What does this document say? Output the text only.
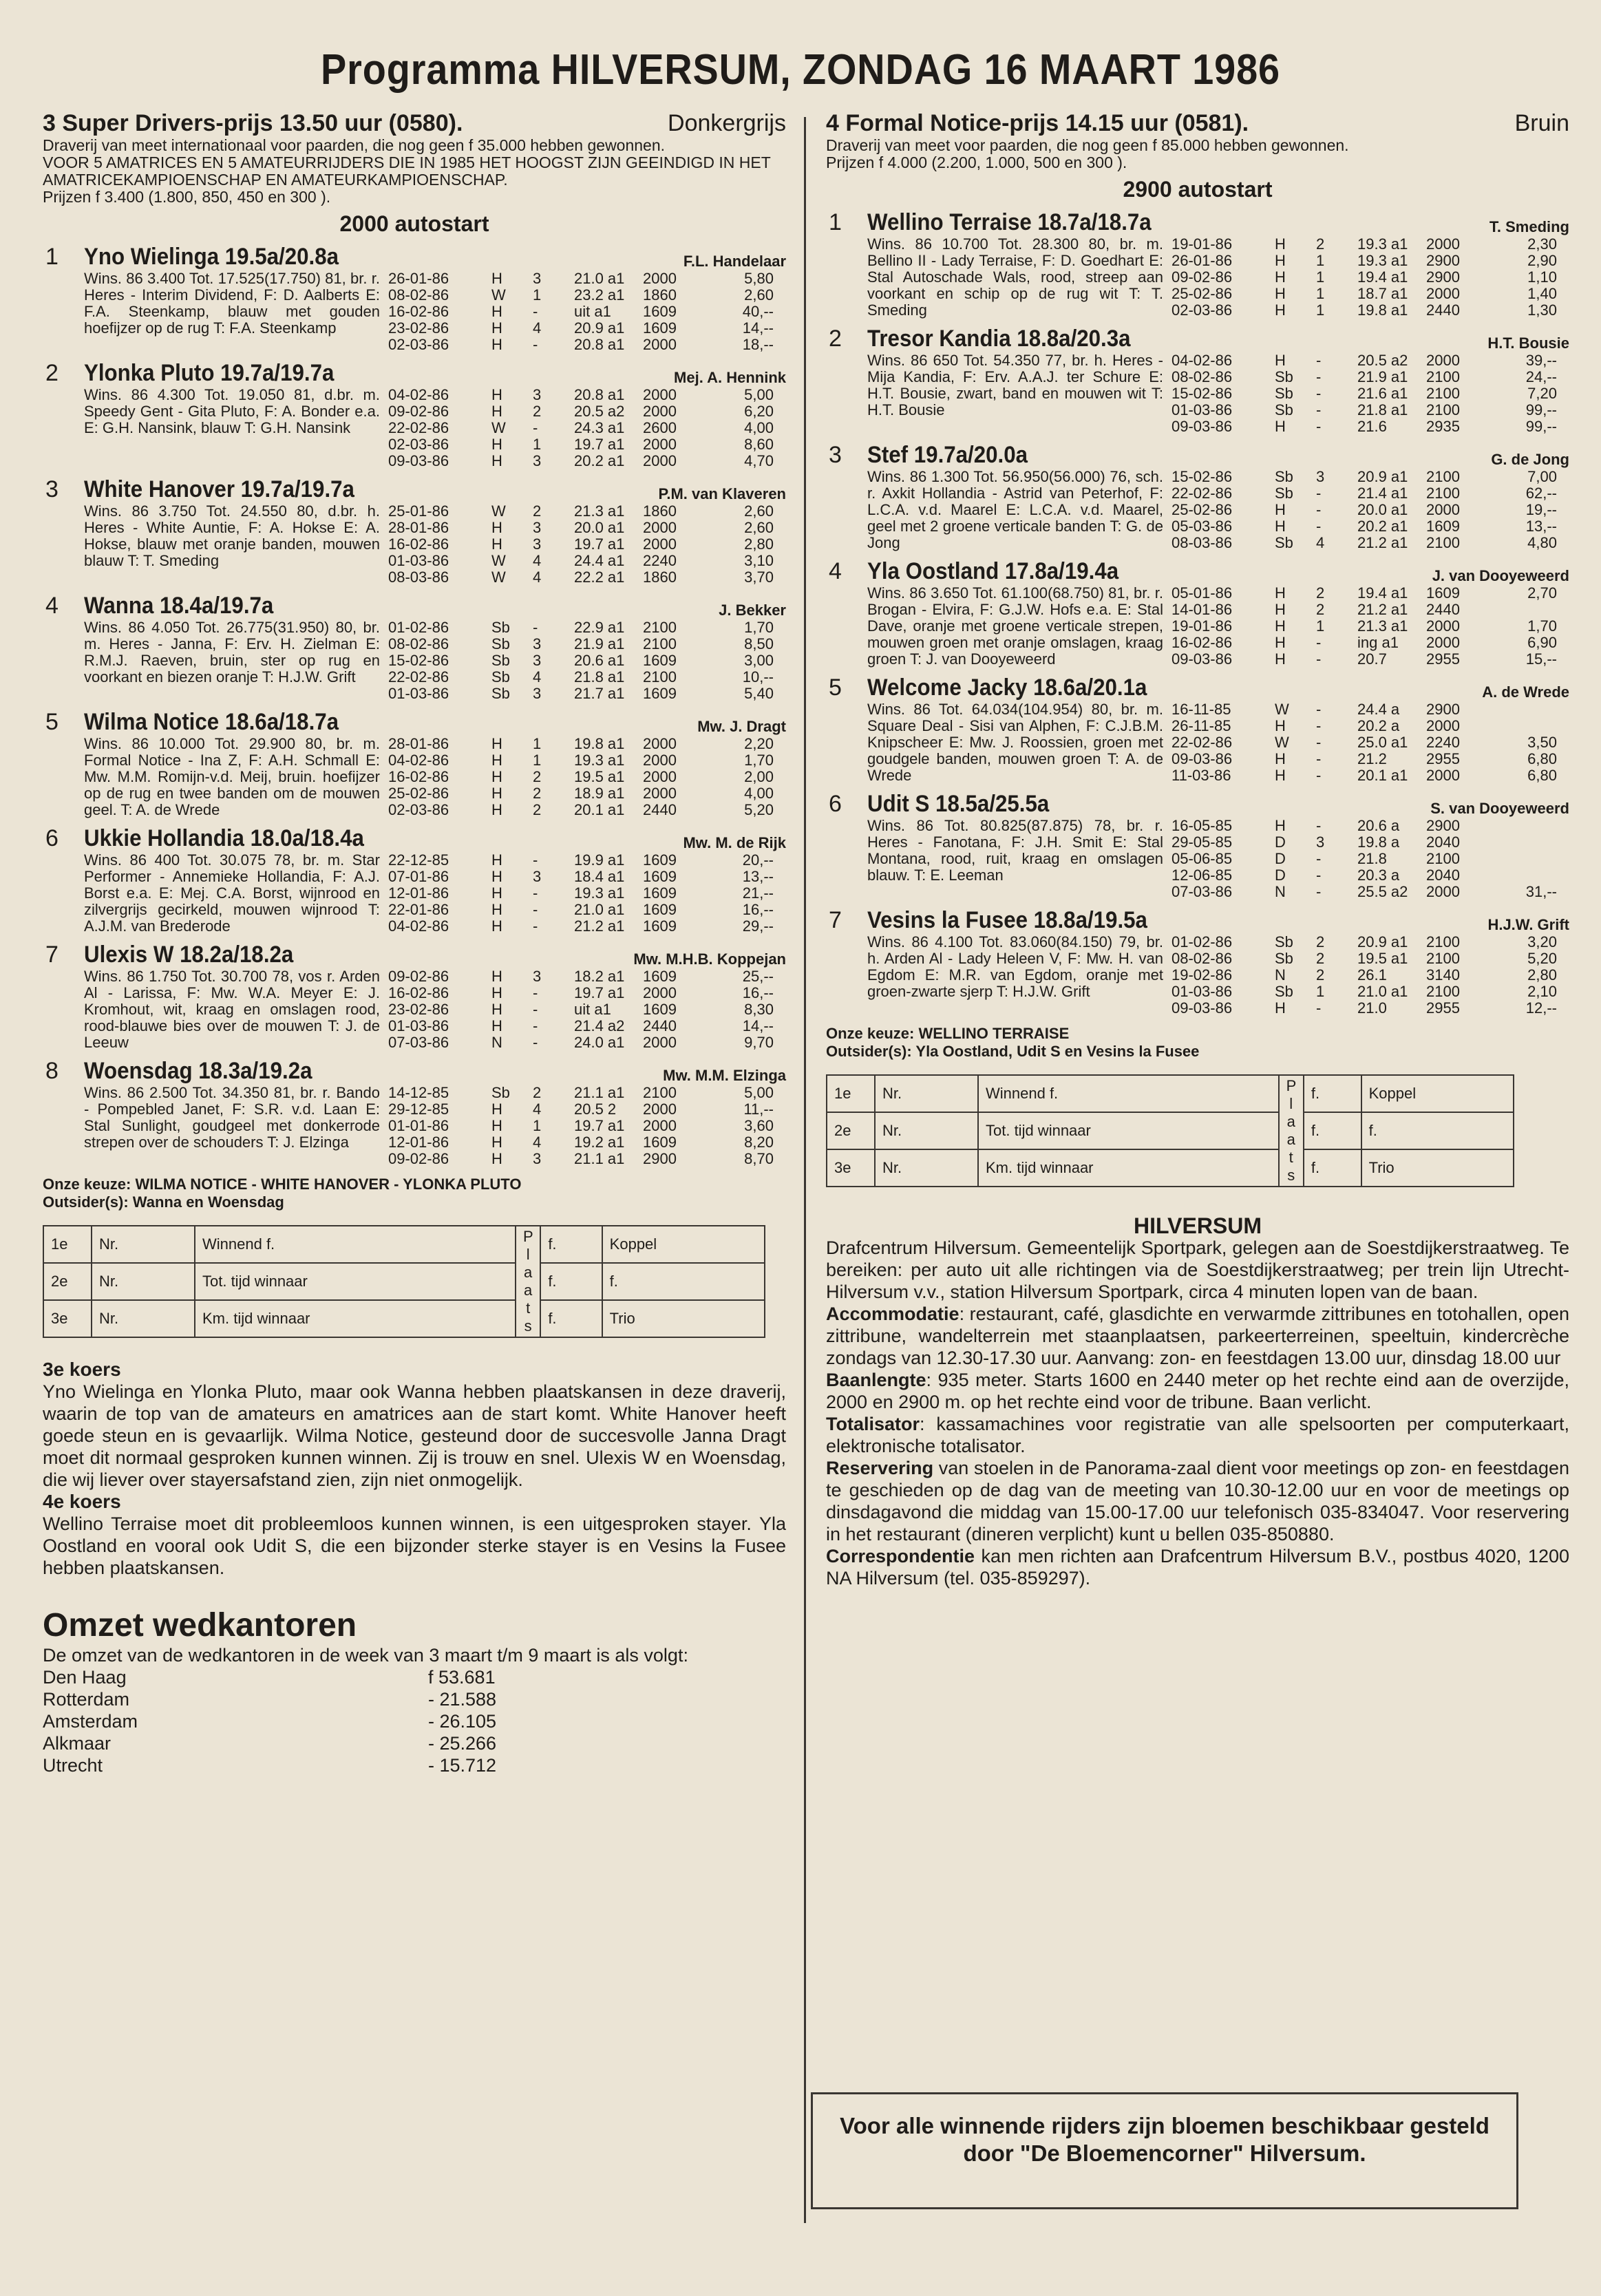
Programma HILVERSUM, ZONDAG 16 MAART 1986
3 Super Drivers-prijs 13.50 uur (0580).	Donkergrijs
Draverij van meet internationaal voor paarden, die nog geen f 35.000 hebben gewonnen.
VOOR 5 AMATRICES EN 5 AMATEURRIJDERS DIE IN 1985 HET HOOGST ZIJN GEEINDIGD IN HET AMATRICEKAMPIOENSCHAP EN AMATEURKAMPIOENSCHAP.
Prijzen f 3.400 (1.800, 850, 450 en 300 ).
2000 autostart
1	Yno Wielinga 19.5a/20.8a	F.L. Handelaar
Wins. 86 3.400 Tot. 17.525(17.750) 81, br. r. Heres - Interim Dividend, F: D. Aalberts E: F.A. Steenkamp, blauw met gouden hoefijzer op de rug T: F.A. Steenkamp
26-01-86	H	3	21.0 a1	2000	5,80
08-02-86	W	1	23.2 a1	1860	2,60
16-02-86	H	-	uit a1	1609	40,--
23-02-86	H	4	20.9 a1	1609	14,--
02-03-86	H	-	20.8 a1	2000	18,--
2	Ylonka Pluto 19.7a/19.7a	Mej. A. Hennink
Wins. 86 4.300 Tot. 19.050 81, d.br. m. Speedy Gent - Gita Pluto, F: A. Bonder e.a. E: G.H. Nansink, blauw T: G.H. Nansink
04-02-86	H	3	20.8 a1	2000	5,00
09-02-86	H	2	20.5 a2	2000	6,20
22-02-86	W	-	24.3 a1	2600	4,00
02-03-86	H	1	19.7 a1	2000	8,60
09-03-86	H	3	20.2 a1	2000	4,70
3	White Hanover 19.7a/19.7a	P.M. van Klaveren
Wins. 86 3.750 Tot. 24.550 80, d.br. h. Heres - White Auntie, F: A. Hokse E: A. Hokse, blauw met oranje banden, mouwen blauw T: T. Smeding
25-01-86	W	2	21.3 a1	1860	2,60
28-01-86	H	3	20.0 a1	2000	2,60
16-02-86	H	3	19.7 a1	2000	2,80
01-03-86	W	4	24.4 a1	2240	3,10
08-03-86	W	4	22.2 a1	1860	3,70
4	Wanna 18.4a/19.7a	J. Bekker
Wins. 86 4.050 Tot. 26.775(31.950) 80, br. m. Heres - Janna, F: Erv. H. Zielman E: R.M.J. Raeven, bruin, ster op rug en voorkant en biezen oranje T: H.J.W. Grift
01-02-86	Sb	-	22.9 a1	2100	1,70
08-02-86	Sb	3	21.9 a1	2100	8,50
15-02-86	Sb	3	20.6 a1	1609	3,00
22-02-86	Sb	4	21.8 a1	2100	10,--
01-03-86	Sb	3	21.7 a1	1609	5,40
5	Wilma Notice 18.6a/18.7a	Mw. J. Dragt
Wins. 86 10.000 Tot. 29.900 80, br. m. Formal Notice - Ina Z, F: A.H. Schmall E: Mw. M.M. Romijn-v.d. Meij, bruin. hoefijzer op de rug en twee banden om de mouwen geel. T: A. de Wrede
28-01-86	H	1	19.8 a1	2000	2,20
04-02-86	H	1	19.3 a1	2000	1,70
16-02-86	H	2	19.5 a1	2000	2,00
25-02-86	H	2	18.9 a1	2000	4,00
02-03-86	H	2	20.1 a1	2440	5,20
6	Ukkie Hollandia 18.0a/18.4a	Mw. M. de Rijk
Wins. 86 400 Tot. 30.075 78, br. m. Star Performer - Annemieke Hollandia, F: A.J. Borst e.a. E: Mej. C.A. Borst, wijnrood en zilvergrijs gecirkeld, mouwen wijnrood T: A.J.M. van Brederode
22-12-85	H	-	19.9 a1	1609	20,--
07-01-86	H	3	18.4 a1	1609	13,--
12-01-86	H	-	19.3 a1	1609	21,--
22-01-86	H	-	21.0 a1	1609	16,--
04-02-86	H	-	21.2 a1	1609	29,--
7	Ulexis W 18.2a/18.2a	Mw. M.H.B. Koppejan
Wins. 86 1.750 Tot. 30.700 78, vos r. Arden Al - Larissa, F: Mw. W.A. Meyer E: J. Kromhout, wit, kraag en omslagen rood, rood-blauwe bies over de mouwen T: J. de Leeuw
09-02-86	H	3	18.2 a1	1609	25,--
16-02-86	H	-	19.7 a1	2000	16,--
23-02-86	H	-	uit a1	1609	8,30
01-03-86	H	-	21.4 a2	2440	14,--
07-03-86	N	-	24.0 a1	2000	9,70
8	Woensdag 18.3a/19.2a	Mw. M.M. Elzinga
Wins. 86 2.500 Tot. 34.350 81, br. r. Bando - Pompebled Janet, F: S.R. v.d. Laan E: Stal Sunlight, goudgeel met donkerrode strepen over de schouders T: J. Elzinga
14-12-85	Sb	2	21.1 a1	2100	5,00
29-12-85	H	4	20.5 2	2000	11,--
01-01-86	H	1	19.7 a1	2000	3,60
12-01-86	H	4	19.2 a1	1609	8,20
09-02-86	H	3	21.1 a1	2900	8,70
Onze keuze: WILMA NOTICE - WHITE HANOVER - YLONKA PLUTO
Outsider(s): Wanna en Woensdag
1e	Nr.	Winnend f.	P l a a t s	f.	Koppel
2e	Nr.	Tot. tijd winnaar		f.	f.
3e	Nr.	Km. tijd winnaar		f.	Trio
3e koers
Yno Wielinga en Ylonka Pluto, maar ook Wanna hebben plaatskansen in deze draverij, waarin de top van de amateurs en amatrices aan de start komt. White Hanover heeft goede steun en is gevaarlijk. Wilma Notice, gesteund door de succesvolle Janna Dragt moet dit normaal gesproken kunnen winnen. Zij is trouw en snel. Ulexis W en Woensdag, die wij liever over stayersafstand zien, zijn niet onmogelijk.
4e koers
Wellino Terraise moet dit probleemloos kunnen winnen, is een uitgesproken stayer. Yla Oostland en vooral ook Udit S, die een bijzonder sterke stayer is en Vesins la Fusee hebben plaatskansen.
Omzet wedkantoren
De omzet van de wedkantoren in de week van 3 maart t/m 9 maart is als volgt:
Den Haag	f 53.681
Rotterdam	- 21.588
Amsterdam	- 26.105
Alkmaar	- 25.266
Utrecht	- 15.712
4 Formal Notice-prijs 14.15 uur (0581).	Bruin
Draverij van meet voor paarden, die nog geen f 85.000 hebben gewonnen.
Prijzen f 4.000 (2.200, 1.000, 500 en 300 ).
2900 autostart
1	Wellino Terraise 18.7a/18.7a	T. Smeding
Wins. 86 10.700 Tot. 28.300 80, br. m. Bellino II - Lady Terraise, F: D. Goedhart E: Stal Autoschade Wals, rood, streep aan voorkant en schip op de rug wit T: T. Smeding
19-01-86	H	2	19.3 a1	2000	2,30
26-01-86	H	1	19.3 a1	2900	2,90
09-02-86	H	1	19.4 a1	2900	1,10
25-02-86	H	1	18.7 a1	2000	1,40
02-03-86	H	1	19.8 a1	2440	1,30
2	Tresor Kandia 18.8a/20.3a	H.T. Bousie
Wins. 86 650 Tot. 54.350 77, br. h. Heres - Mija Kandia, F: Erv. A.A.J. ter Schure E: H.T. Bousie, zwart, band en mouwen wit T: H.T. Bousie
04-02-86	H	-	20.5 a2	2000	39,--
08-02-86	Sb	-	21.9 a1	2100	24,--
15-02-86	Sb	-	21.6 a1	2100	7,20
01-03-86	Sb	-	21.8 a1	2100	99,--
09-03-86	H	-	21.6	2935	99,--
3	Stef 19.7a/20.0a	G. de Jong
Wins. 86 1.300 Tot. 56.950(56.000) 76, sch. r. Axkit Hollandia - Astrid van Peterhof, F: L.C.A. v.d. Maarel E: L.C.A. v.d. Maarel, geel met 2 groene verticale banden T: G. de Jong
15-02-86	Sb	3	20.9 a1	2100	7,00
22-02-86	Sb	-	21.4 a1	2100	62,--
25-02-86	H	-	20.0 a1	2000	19,--
05-03-86	H	-	20.2 a1	1609	13,--
08-03-86	Sb	4	21.2 a1	2100	4,80
4	Yla Oostland 17.8a/19.4a	J. van Dooyeweerd
Wins. 86 3.650 Tot. 61.100(68.750) 81, br. r. Brogan - Elvira, F: G.J.W. Hofs e.a. E: Stal Dave, oranje met groene verticale strepen, mouwen groen met oranje omslagen, kraag groen T: J. van Dooyeweerd
05-01-86	H	2	19.4 a1	1609	2,70
14-01-86	H	2	21.2 a1	2440
19-01-86	H	1	21.3 a1	2000	1,70
16-02-86	H	-	ing a1	2000	6,90
09-03-86	H	-	20.7	2955	15,--
5	Welcome Jacky 18.6a/20.1a	A. de Wrede
Wins. 86 Tot. 64.034(104.954) 80, br. m. Square Deal - Sisi van Alphen, F: C.J.B.M. Knipscheer E: Mw. J. Roossien, groen met goudgele banden, mouwen groen T: A. de Wrede
16-11-85	W	-	24.4 a	2900
26-11-85	H	-	20.2 a	2000
22-02-86	W	-	25.0 a1	2240	3,50
09-03-86	H	-	21.2	2955	6,80
11-03-86	H	-	20.1 a1	2000	6,80
6	Udit S 18.5a/25.5a	S. van Dooyeweerd
Wins. 86 Tot. 80.825(87.875) 78, br. r. Heres - Fanotana, F: J.H. Smit E: Stal Montana, rood, ruit, kraag en omslagen blauw. T: E. Leeman
16-05-85	H	-	20.6 a	2900
29-05-85	D	3	19.8 a	2040
05-06-85	D	-	21.8	2100
12-06-85	D	-	20.3 a	2040
07-03-86	N	-	25.5 a2	2000	31,--
7	Vesins la Fusee 18.8a/19.5a	H.J.W. Grift
Wins. 86 4.100 Tot. 83.060(84.150) 79, br. h. Arden Al - Lady Heleen V, F: Mw. H. van Egdom E: M.R. van Egdom, oranje met groen-zwarte sjerp T: H.J.W. Grift
01-02-86	Sb	2	20.9 a1	2100	3,20
08-02-86	Sb	2	19.5 a1	2100	5,20
19-02-86	N	2	26.1	3140	2,80
01-03-86	Sb	1	21.0 a1	2100	2,10
09-03-86	H	-	21.0	2955	12,--
Onze keuze: WELLINO TERRAISE
Outsider(s): Yla Oostland, Udit S en Vesins la Fusee
1e	Nr.	Winnend f.	P l a a t s	f.	Koppel
2e	Nr.	Tot. tijd winnaar		f.	f.
3e	Nr.	Km. tijd winnaar		f.	Trio
HILVERSUM
Drafcentrum Hilversum. Gemeentelijk Sportpark, gelegen aan de Soestdijkerstraatweg. Te bereiken: per auto uit alle richtingen via de Soestdijkerstraatweg; per trein lijn Utrecht-Hilversum v.v., station Hilversum Sportpark, circa 4 minuten lopen van de baan.
Accommodatie: restaurant, café, glasdichte en verwarmde zittribunes en totohallen, open zittribune, wandelterrein met staanplaatsen, parkeerterreinen, speeltuin, kindercrèche zondags van 12.30-17.30 uur. Aanvang: zon- en feestdagen 13.00 uur, dinsdag 18.00 uur
Baanlengte: 935 meter. Starts 1600 en 2440 meter op het rechte eind aan de overzijde, 2000 en 2900 m. op het rechte eind voor de tribune. Baan verlicht.
Totalisator: kassamachines voor registratie van alle spelsoorten per computerkaart, elektronische totalisator.
Reservering van stoelen in de Panorama-zaal dient voor meetings op zon- en feestdagen te geschieden op de dag van de meeting van 10.30-12.00 uur en voor de meetings op dinsdagavond die middag van 15.00-17.00 uur telefonisch 035-834047. Voor reservering in het restaurant (dineren verplicht) kunt u bellen 035-850880.
Correspondentie kan men richten aan Drafcentrum Hilversum B.V., postbus 4020, 1200 NA Hilversum (tel. 035-859297).
Voor alle winnende rijders zijn bloemen beschikbaar gesteld door "De Bloemencorner" Hilversum.
